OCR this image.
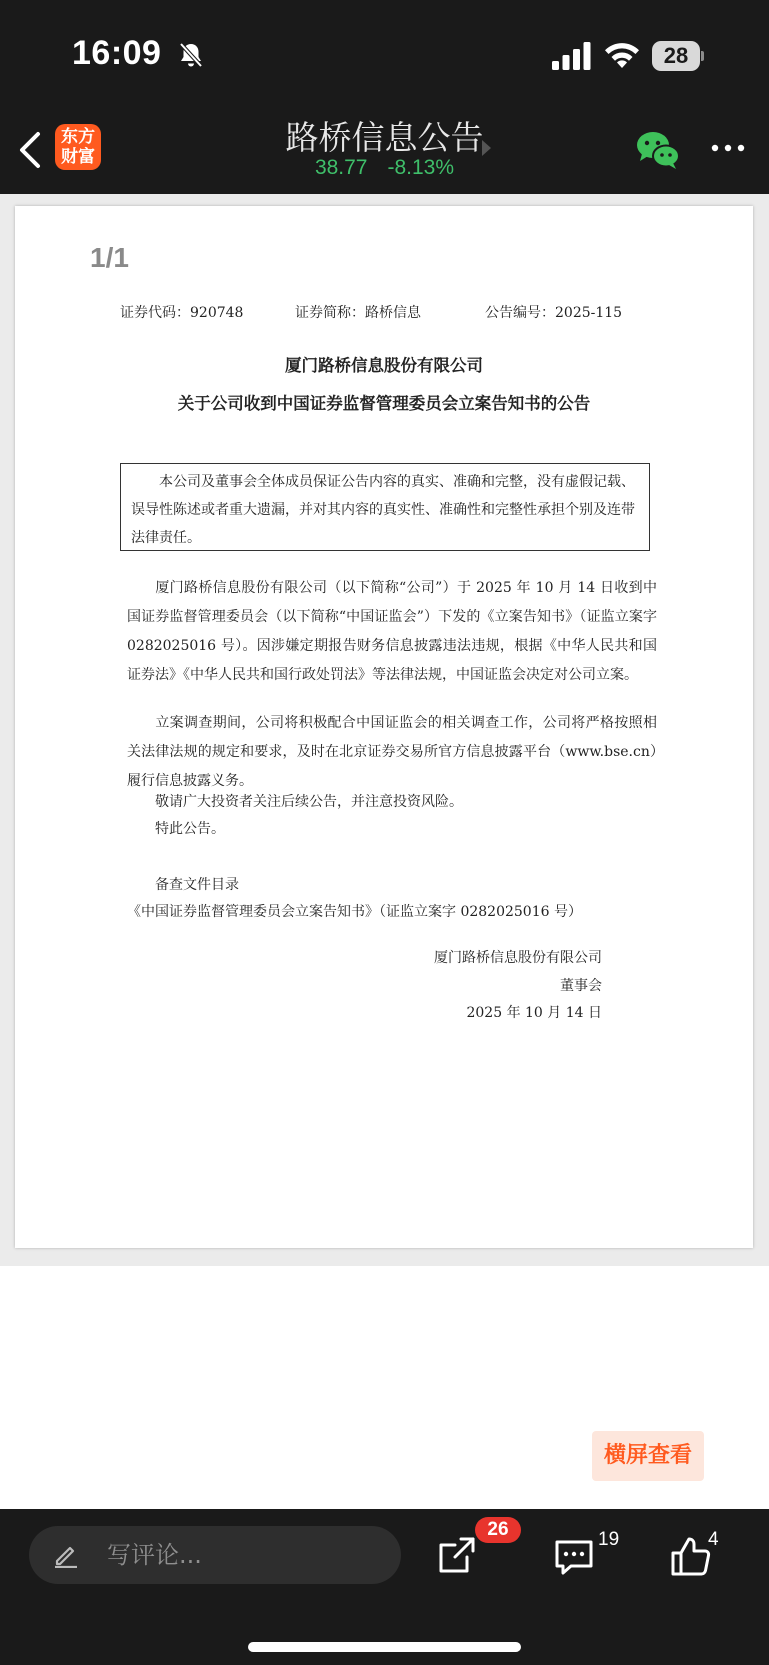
16:09	28
东方
财富	路桥信息公告
38.77 -8.13%
1/1
证券代码：920748	证券简称：路桥信息	公告编号：2025-115
厦门路桥信息股份有限公司
关于公司收到中国证券监督管理委员会立案告知书的公告
本公司及董事会全体成员保证公告内容的真实、准确和完整，没有虚假记载、误导性陈述或者重大遗漏，并对其内容的真实性、准确性和完整性承担个别及连带法律责任。
厦门路桥信息股份有限公司（以下简称“公司”）于 2025 年 10 月 14 日收到中国证券监督管理委员会（以下简称“中国证监会”）下发的《立案告知书》（证监立案字 0282025016 号）。因涉嫌定期报告财务信息披露违法违规，根据《中华人民共和国证券法》《中华人民共和国行政处罚法》等法律法规，中国证监会决定对公司立案。
立案调查期间，公司将积极配合中国证监会的相关调查工作，公司将严格按照相关法律法规的规定和要求，及时在北京证券交易所官方信息披露平台（www.bse.cn）履行信息披露义务。
敬请广大投资者关注后续公告，并注意投资风险。
特此公告。
备查文件目录
《中国证券监督管理委员会立案告知书》（证监立案字 0282025016 号）
厦门路桥信息股份有限公司
董事会
2025 年 10 月 14 日
横屏查看
写评论...
26	19	4
